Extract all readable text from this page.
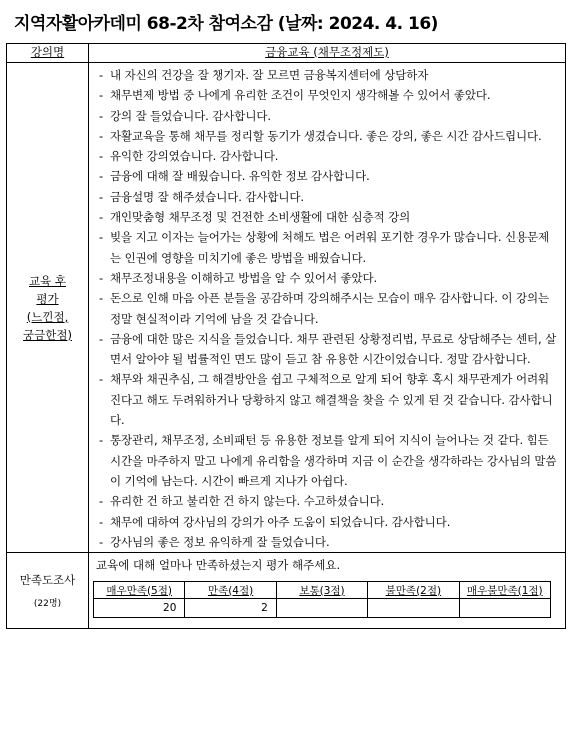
지역자활아카데미 68-2차 참여소감 (날짜: 2024. 4. 16)
강의명	금융교육 (채무조정제도)

교육 후
평가
(느낀점,
궁금한점)

- 내 자신의 건강을 잘 챙기자. 잘 모르면 금융복지센터에 상담하자
- 채무변제 방법 중 나에게 유리한 조건이 무엇인지 생각해볼 수 있어서 좋았다.
- 강의 잘 들었습니다. 감사합니다.
- 자활교육을 통해 채무를 정리할 동기가 생겼습니다. 좋은 강의, 좋은 시간 감사드립니다.
- 유익한 강의였습니다. 감사합니다.
- 금융에 대해 잘 배웠습니다. 유익한 정보 감사합니다.
- 금융설명 잘 해주셨습니다. 감사합니다.
- 개인맞춤형 채무조정 및 건전한 소비생활에 대한 심층적 강의
- 빚을 지고 이자는 늘어가는 상황에 처해도 법은 어려워 포기한 경우가 많습니다. 신용문제는 인권에 영향을 미치기에 좋은 방법을 배웠습니다.
- 채무조정내용을 이해하고 방법을 알 수 있어서 좋았다.
- 돈으로 인해 마음 아픈 분들을 공감하며 강의해주시는 모습이 매우 감사합니다. 이 강의는 정말 현실적이라 기억에 남을 것 같습니다.
- 금융에 대한 많은 지식을 들었습니다. 채무 관련된 상황정리법, 무료로 상담해주는 센터, 살면서 알아야 될 법률적인 면도 많이 듣고 참 유용한 시간이었습니다. 정말 감사합니다.
- 채무와 채권추심, 그 해결방안을 쉽고 구체적으로 알게 되어 향후 혹시 채무관계가 어려워진다고 해도 두려워하거나 당황하지 않고 해결책을 찾을 수 있게 된 것 같습니다. 감사합니다.
- 통장관리, 채무조정, 소비패턴 등 유용한 정보를 알게 되어 지식이 늘어나는 것 같다. 힘든 시간을 마주하지 말고 나에게 유리함을 생각하며 지금 이 순간을 생각하라는 강사님의 말씀이 기억에 남는다. 시간이 빠르게 지나가 아쉽다.
- 유리한 건 하고 불리한 건 하지 않는다. 수고하셨습니다.
- 채무에 대하여 강사님의 강의가 아주 도움이 되었습니다. 감사합니다.
- 강사님의 좋은 정보 유익하게 잘 들었습니다.

만족도조사
(22명)

교육에 대해 얼마나 만족하셨는지 평가 해주세요.
매우만족(5점)	만족(4점)	보통(3점)	불만족(2점)	매우불만족(1점)
20	2			
